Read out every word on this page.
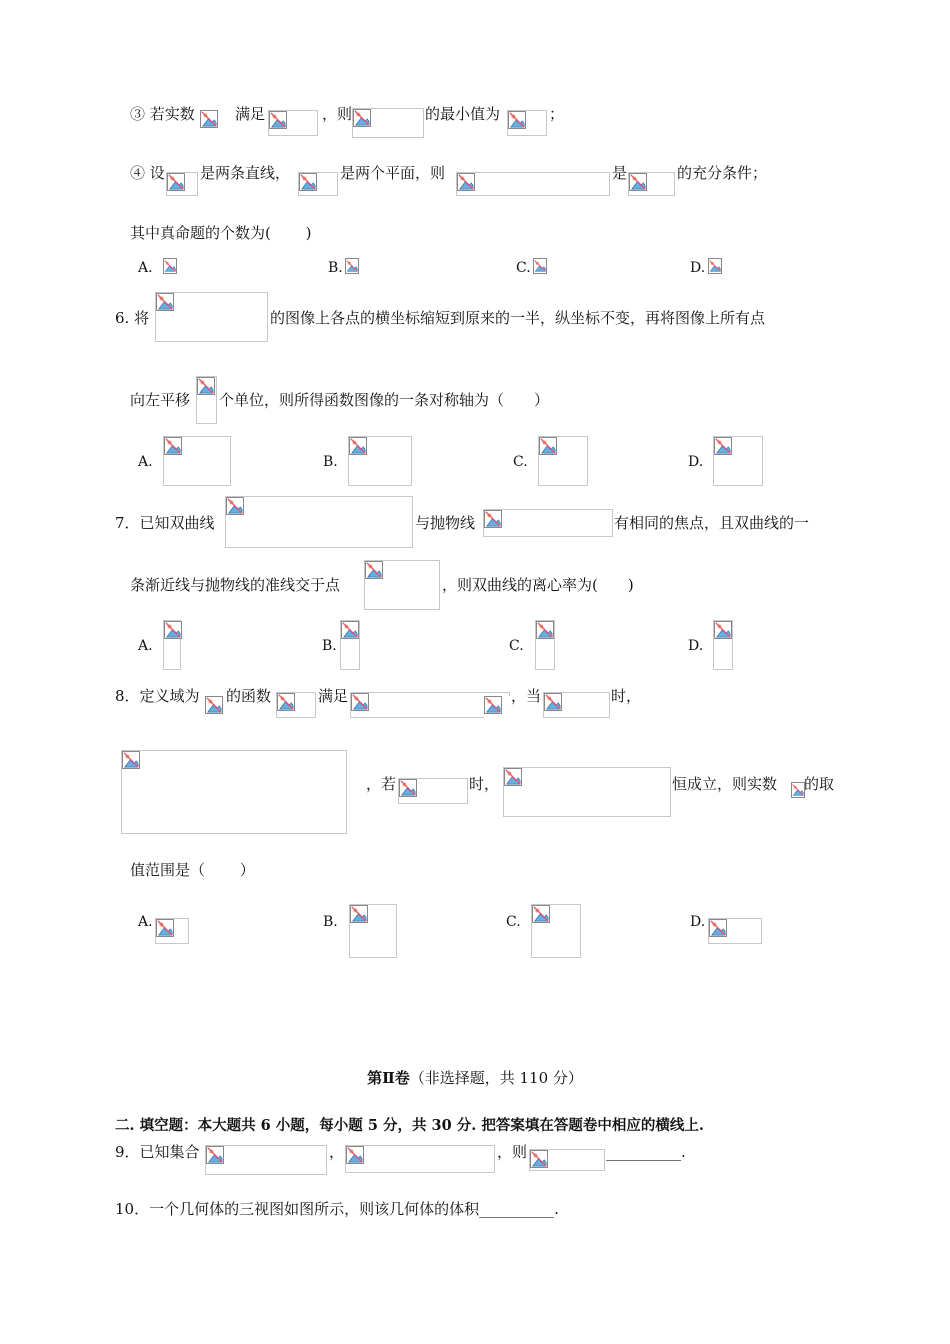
③ 若实数	满足	，则	的最小值为	；
④ 设 是两条直线，	是两个平面，则	是	的充分条件；
其中真命题的个数为(　　 )
A.	B.	C.	D.
6. 将	的图像上各点的横坐标缩短到原来的一半，纵坐标不变，再将图像上所有点
向左平移 个单位，则所得函数图像的一条对称轴为（　　）
A.	B.	C.	D.
7．已知双曲线	与抛物线	有相同的焦点，且双曲线的一
条渐近线与抛物线的准线交于点	，则双曲线的离心率为(　　)
A.	B.	C.	D.
8．定义域为 的函数	满足	，当	时，
，若	时，	恒成立，则实数 的取
值范围是（　　 ）
A.	B.	C.	D.
第Ⅱ卷（非选择题，共 110 分）
二. 填空题：本大题共 6 小题，每小题 5 分，共 30 分. 把答案填在答题卷中相应的横线上.
9．已知集合	，	，则	__________.
10．一个几何体的三视图如图所示，则该几何体的体积__________.
